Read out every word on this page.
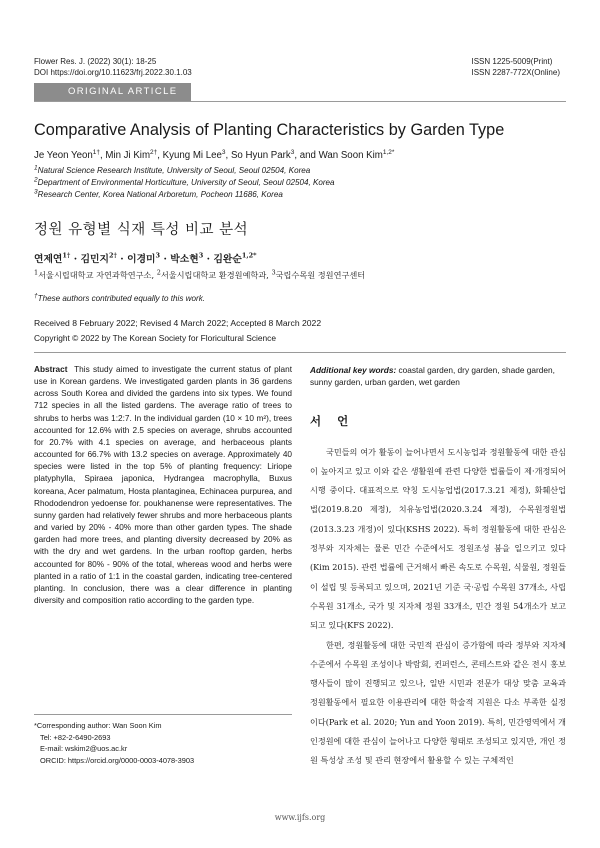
Flower Res. J. (2022) 30(1): 18-25
DOI https://doi.org/10.11623/frj.2022.30.1.03
ISSN 1225-5009(Print)
ISSN 2287-772X(Online)
ORIGINAL ARTICLE
Comparative Analysis of Planting Characteristics by Garden Type
Je Yeon Yeon$^{1\dagger}$, Min Ji Kim$^{2\dagger}$, Kyung Mi Lee$^3$, So Hyun Park$^3$, and Wan Soon Kim$^{1,2*}$
$^1$Natural Science Research Institute, University of Seoul, Seoul 02504, Korea
$^2$Department of Environmental Horticulture, University of Seoul, Seoul 02504, Korea
$^3$Research Center, Korea National Arboretum, Pocheon 11686, Korea
정원 유형별 식재 특성 비교 분석
연제연$^{1\dagger}$ · 김민지$^{2\dagger}$ · 이경미$^3$ · 박소현$^3$ · 김완순$^{1,2*}$
$^1$서울시립대학교 자연과학연구소, $^2$서울시립대학교 환경원예학과, $^3$국립수목원 정원연구센터
†These authors contributed equally to this work.
Received 8 February 2022; Revised 4 March 2022; Accepted 8 March 2022
Copyright © 2022 by The Korean Society for Floricultural Science
Abstract This study aimed to investigate the current status of plant use in Korean gardens. We investigated garden plants in 36 gardens across South Korea and divided the gardens into six types. We found 712 species in all the listed gardens. The average ratio of trees to shrubs to herbs was 1:2:7. In the individual garden (10 × 10 m²), trees accounted for 12.6% with 2.5 species on average, shrubs accounted for 20.7% with 4.1 species on average, and herbaceous plants accounted for 66.7% with 13.2 species on average. Approximately 40 species were listed in the top 5% of planting frequency: Liriope platyphylla, Spiraea japonica, Hydrangea macrophylla, Buxus koreana, Acer palmatum, Hosta plantaginea, Echinacea purpurea, and Rhododendron yedoense for. poukhanense were representatives. The sunny garden had relatively fewer shrubs and more herbaceous plants and varied by 20% - 40% more than other garden types. The shade garden had more trees, and planting diversity decreased by 20% as with the dry and wet gardens. In the urban rooftop garden, herbs accounted for 80% - 90% of the total, whereas wood and herbs were planted in a ratio of 1:1 in the coastal garden, indicating tree-centered planting. In conclusion, there was a clear difference in planting diversity and composition ratio according to the garden type.
*Corresponding author: Wan Soon Kim
Tel: +82-2-6490-2693
E-mail: wskim2@uos.ac.kr
ORCID: https://orcid.org/0000-0003-4078-3903
Additional key words: coastal garden, dry garden, shade garden, sunny garden, urban garden, wet garden
서 언

국민들의 여가 활동이 늘어나면서 도시농업과 정원활동에 대한 관심이 높아지고 있고 이와 같은 생활원예 관련 다양한 법률들이 제·개정되어 시행 중이다. 대표적으로 약칭 도시농업법(2017.3.21 제정), 화훼산업법(2019.8.20 제정), 치유농업법(2020.3.24 제정), 수목원정원법(2013.3.23 개정)이 있다(KSHS 2022). 특히 정원활동에 대한 관심은 정부와 지자체는 물론 민간 수준에서도 정원조성 붐을 일으키고 있다(Kim 2015). 관련 법률에 근거해서 빠른 속도로 수목원, 식물원, 정원들이 설립 및 등록되고 있으며, 2021년 기준 국·공립 수목원 37개소, 사립 수목원 31개소, 국가 및 지자체 정원 33개소, 민간 정원 54개소가 보고되고 있다(KFS 2022).

한편, 정원활동에 대한 국민적 관심이 증가함에 따라 정부와 지자체 수준에서 수목원 조성이나 박람회, 컨퍼런스, 콘테스트와 같은 전시 홍보 행사들이 많이 진행되고 있으나, 일반 시민과 전문가 대상 맞춤 교육과 정원활동에서 필요한 이용관리에 대한 학술적 지원은 다소 부족한 실정이다(Park et al. 2020; Yun and Yoon 2019). 특히, 민간영역에서 개인정원에 대한 관심이 늘어나고 다양한 형태로 조성되고 있지만, 개인 정원 특성상 조성 및 관리 현장에서 활용할 수 있는 구체적인

www.ijfs.org
